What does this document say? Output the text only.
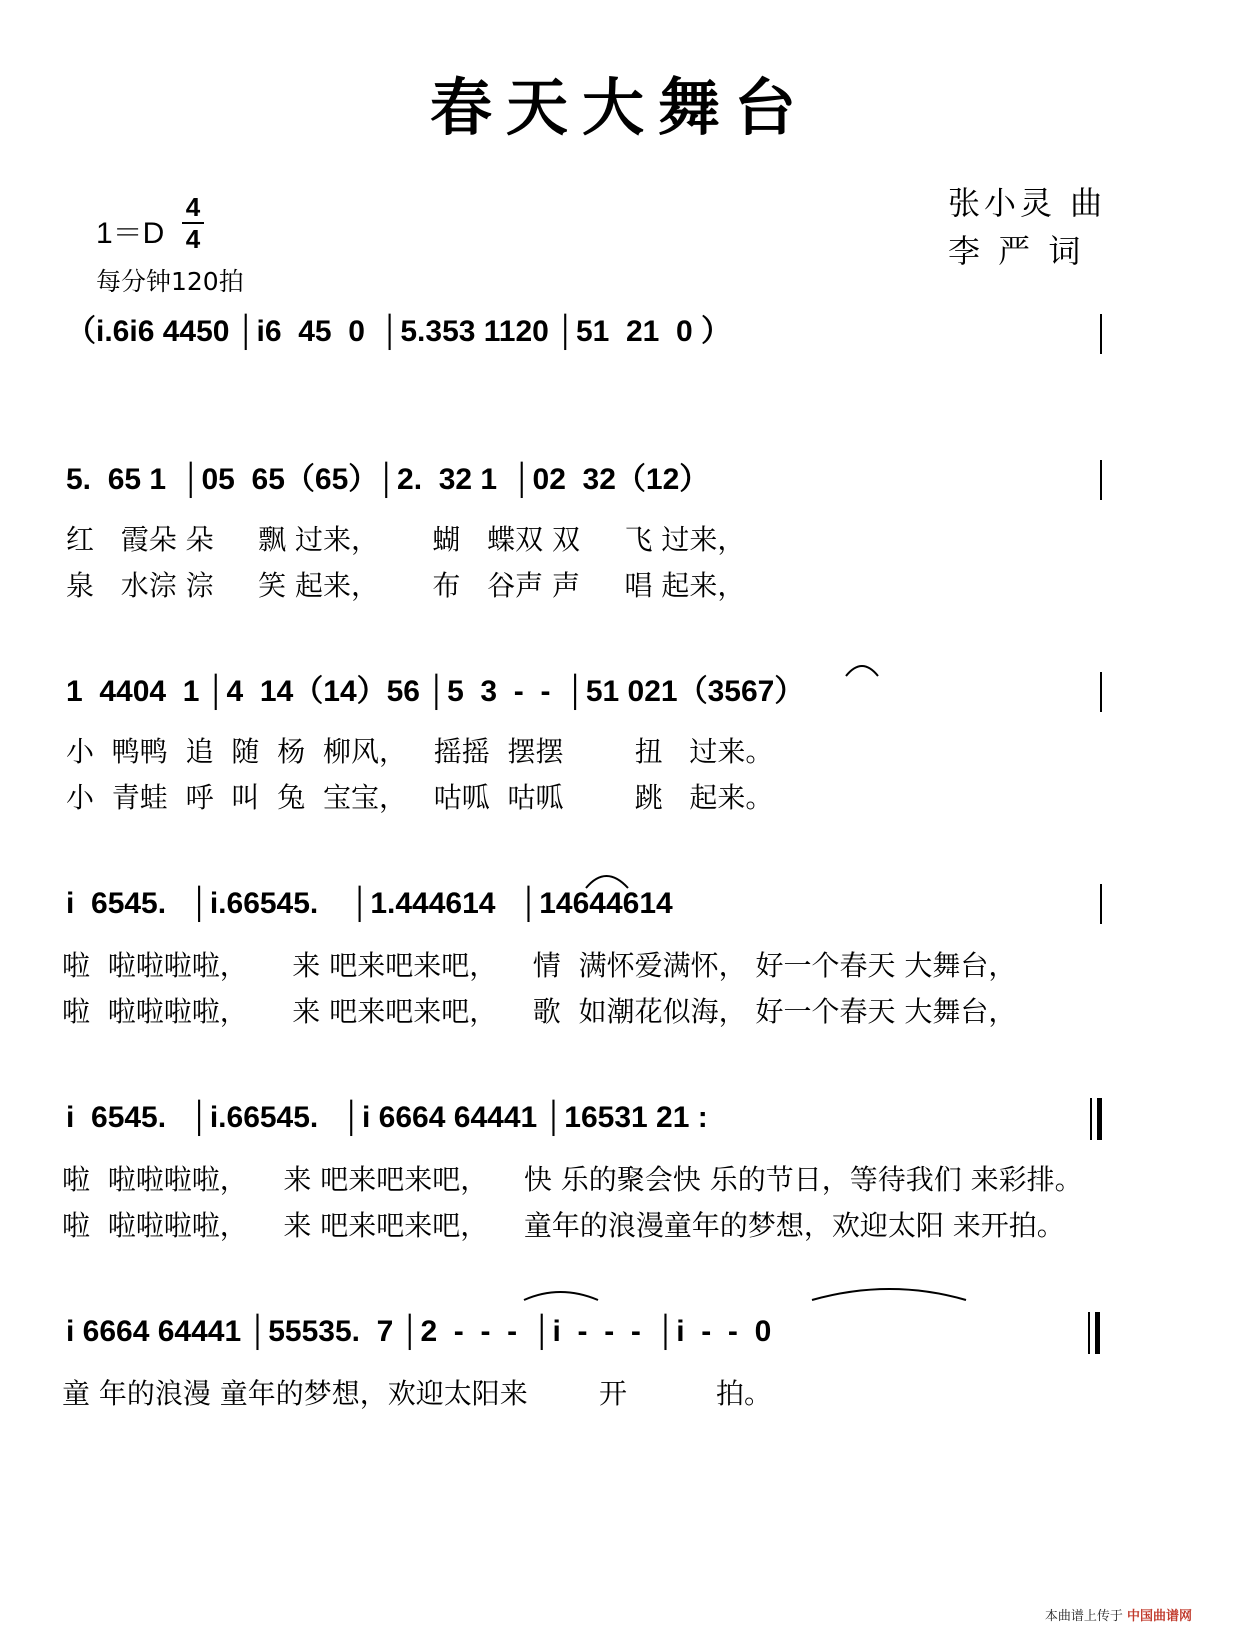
春天大舞台
1＝D
4
4
每分钟120拍
张小灵 曲
李 严 词
（i.6i6 4450 │i6  45  0  │5.353 1120 │51  21  0 ）
5.  65 1  │05  65（65）│2.  32 1  │02  32（12）
红   霞朵 朵     飘 过来，      蝴   蝶双 双     飞 过来，
泉   水淙 淙     笑 起来，      布   谷声 声     唱 起来，
1  4404  1 │4  14（14）56 │5  3  -  -  │51 021（3567）
小  鸭鸭  追  随  杨  柳风，   摇摇  摆摆        扭   过来。
小  青蛙  呼  叫  兔  宝宝，   咕呱  咕呱        跳   起来。
i  6545.   │i.66545.    │1.444614   │14644614
啦  啦啦啦啦，     来 吧来吧来吧，    情  满怀爱满怀， 好一个春天 大舞台，
啦  啦啦啦啦，     来 吧来吧来吧，    歌  如潮花似海， 好一个春天 大舞台，
i  6545.   │i.66545.   │i 6664 64441 │16531 21 :
啦  啦啦啦啦，    来 吧来吧来吧，    快 乐的聚会快 乐的节日，等待我们 来彩排。
啦  啦啦啦啦，    来 吧来吧来吧，    童年的浪漫童年的梦想，欢迎太阳 来开拍。
i 6664 64441 │55535.  7 │2  -  -  -  │i  -  -  -  │i  -  -  0
童 年的浪漫 童年的梦想，欢迎太阳来        开          拍。
本曲谱上传于 中国曲谱网
